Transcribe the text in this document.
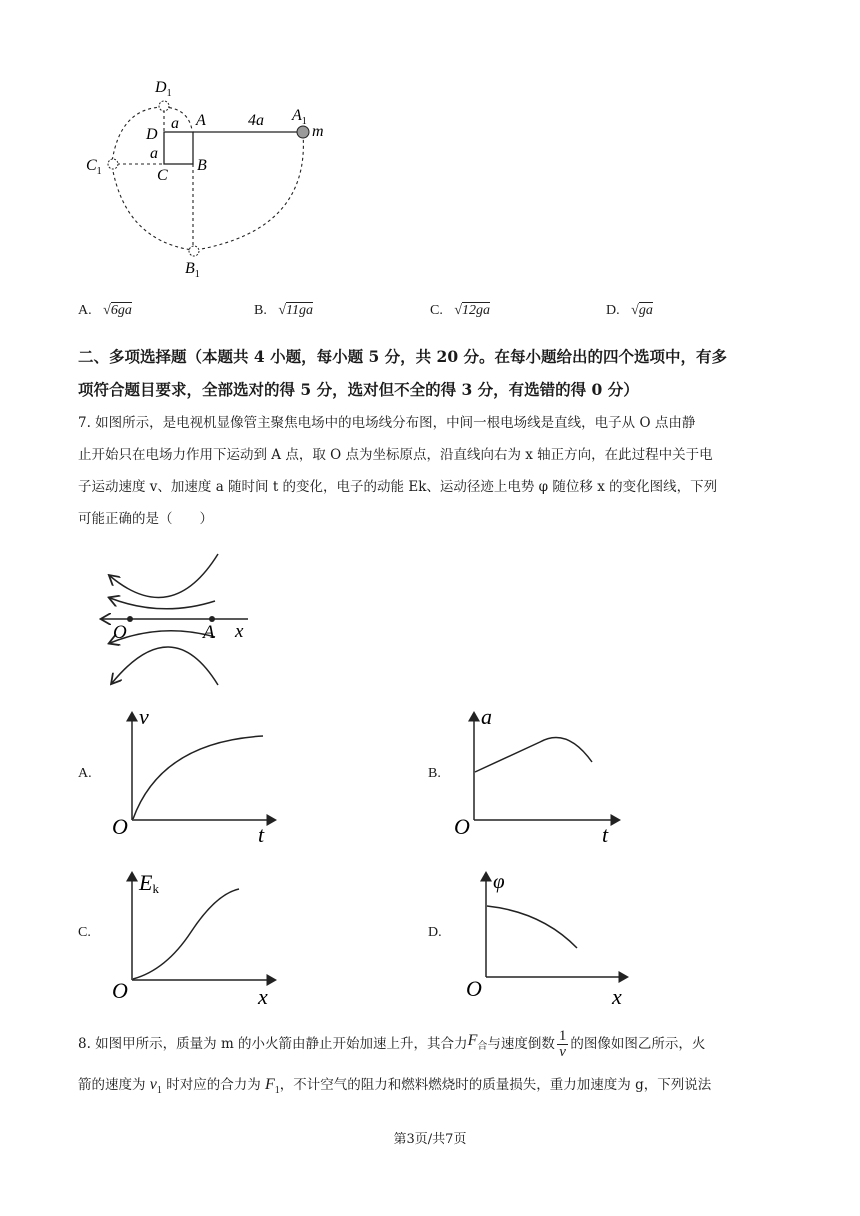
$D_1$
A	4a $A_1$
m
a
D
a
$C_1$	C
B
$B_1$
A. √6ga	B. √11ga	C. √12ga	D. √ga
二、多项选择题（本题共 4 小题，每小题 5 分，共 20 分。在每小题给出的四个选项中，有多
项符合题目要求，全部选对的得 5 分，选对但不全的得 3 分，有选错的得 0 分）
7. 如图所示，是电视机显像管主聚焦电场中的电场线分布图，中间一根电场线是直线，电子从 O 点由静
止开始只在电场力作用下运动到 A 点，取 O 点为坐标原点，沿直线向右为 x 轴正方向，在此过程中关于电
子运动速度 v、加速度 a 随时间 t 的变化，电子的动能 Ek、运动径迹上电势 φ 随位移 x 的变化图线，下列
可能正确的是（　　）
O	A x
A.
v
t
O
B.
a
t
O
C.
Ek
x
O
D.
φ
x
O
8. 如图甲所示，质量为 m 的小火箭由静止开始加速上升，其合力 $F_合$ 与速度倒数
1
v 的图像如图乙所示，火
箭的速度为 $v_1$ 时对应的合力为 $F_1$，不计空气的阻力和燃料燃烧时的质量损失，重力加速度为 g，下列说法
第3页/共7页
